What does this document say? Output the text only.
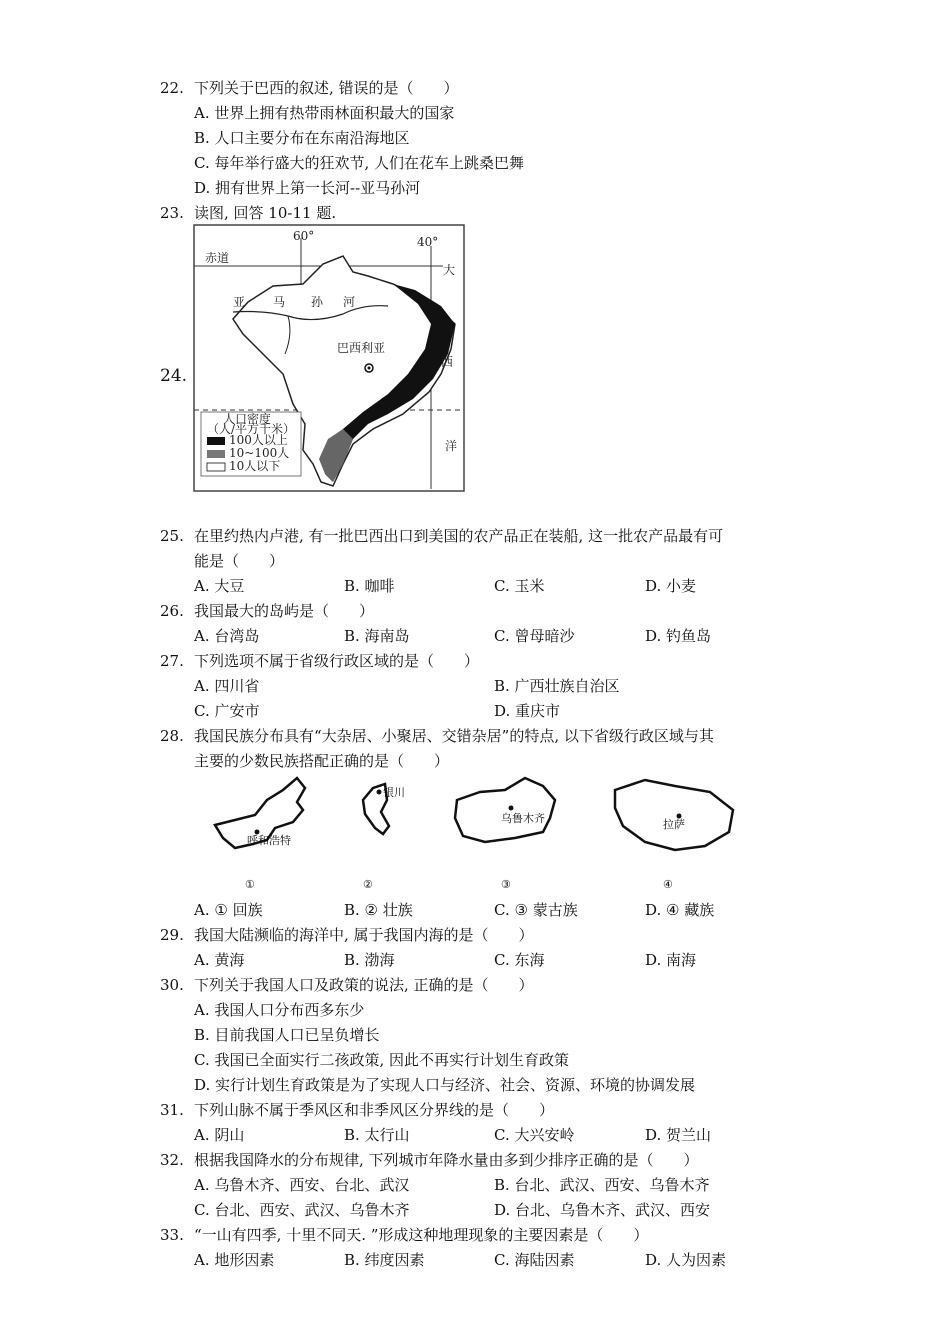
22. 下列关于巴西的叙述, 错误的是（　　）
A. 世界上拥有热带雨林面积最大的国家
B. 人口主要分布在东南沿海地区
C. 每年举行盛大的狂欢节, 人们在花车上跳桑巴舞
D. 拥有世界上第一长河--亚马孙河
23. 读图, 回答 10-11 题.
24.
60°	40°
赤道
亚 马 孙 河
巴西利亚
大
西
洋
人口密度
（人/平方千米）
100人以上
10~100人
10人以下
25. 在里约热内卢港, 有一批巴西出口到美国的农产品正在装船, 这一批农产品最有可
能是（　　）
A. 大豆	B. 咖啡	C. 玉米	D. 小麦
26. 我国最大的岛屿是（　　）
A. 台湾岛	B. 海南岛	C. 曾母暗沙	D. 钓鱼岛
27. 下列选项不属于省级行政区域的是（　　）
A. 四川省	B. 广西壮族自治区
C. 广安市	D. 重庆市
28. 我国民族分布具有“大杂居、小聚居、交错杂居”的特点, 以下省级行政区域与其
主要的少数民族搭配正确的是（　　）
呼和浩特
①
银川
②
乌鲁木齐
③
拉萨
④
A. ① 回族	B. ② 壮族	C. ③ 蒙古族	D. ④ 藏族
29. 我国大陆濒临的海洋中, 属于我国内海的是（　　）
A. 黄海	B. 渤海	C. 东海	D. 南海
30. 下列关于我国人口及政策的说法, 正确的是（　　）
A. 我国人口分布西多东少
B. 目前我国人口已呈负增长
C. 我国已全面实行二孩政策, 因此不再实行计划生育政策
D. 实行计划生育政策是为了实现人口与经济、社会、资源、环境的协调发展
31. 下列山脉不属于季风区和非季风区分界线的是（　　）
A. 阴山	B. 太行山	C. 大兴安岭	D. 贺兰山
32. 根据我国降水的分布规律, 下列城市年降水量由多到少排序正确的是（　　）
A. 乌鲁木齐、西安、台北、武汉	B. 台北、武汉、西安、乌鲁木齐
C. 台北、西安、武汉、乌鲁木齐	D. 台北、乌鲁木齐、武汉、西安
33. “一山有四季, 十里不同天. ”形成这种地理现象的主要因素是（　　）
A. 地形因素	B. 纬度因素	C. 海陆因素	D. 人为因素
